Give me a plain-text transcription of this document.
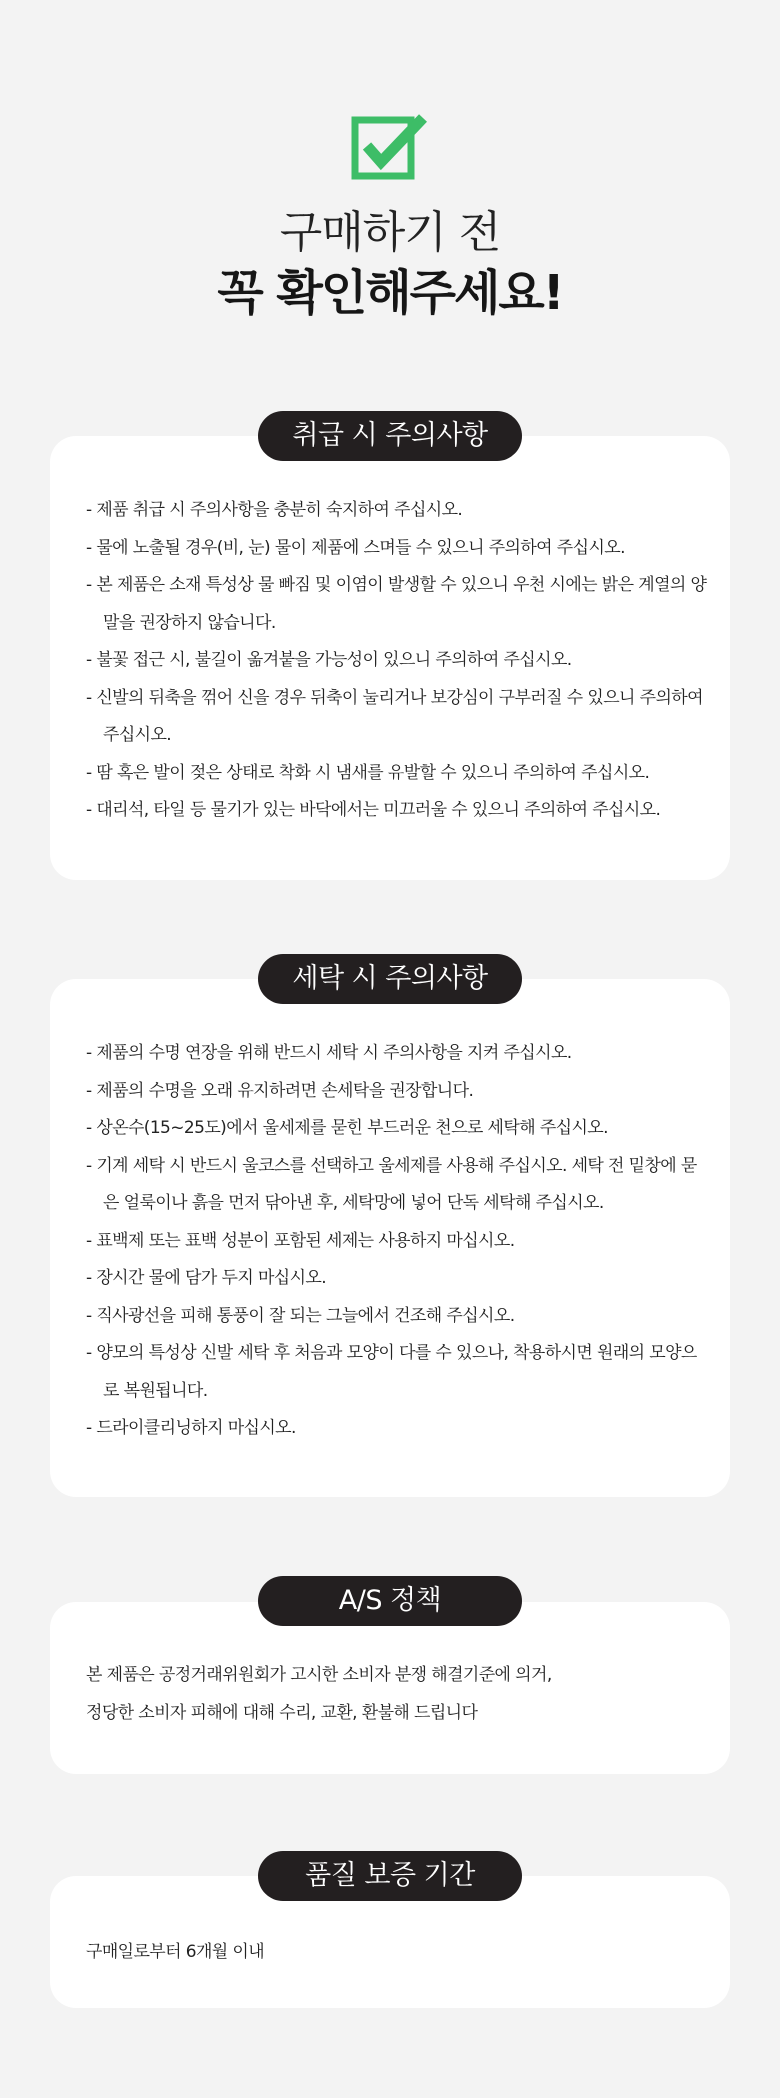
구매하기 전
꼭 확인해주세요!
- 제품 취급 시 주의사항을 충분히 숙지하여 주십시오.
- 물에 노출될 경우(비, 눈) 물이 제품에 스며들 수 있으니 주의하여 주십시오.
- 본 제품은 소재 특성상 물 빠짐 및 이염이 발생할 수 있으니 우천 시에는 밝은 계열의 양말을 권장하지 않습니다.
- 불꽃 접근 시, 불길이 옮겨붙을 가능성이 있으니 주의하여 주십시오.
- 신발의 뒤축을 꺾어 신을 경우 뒤축이 눌리거나 보강심이 구부러질 수 있으니 주의하여 주십시오.
- 땀 혹은 발이 젖은 상태로 착화 시 냄새를 유발할 수 있으니 주의하여 주십시오.
- 대리석, 타일 등 물기가 있는 바닥에서는 미끄러울 수 있으니 주의하여 주십시오.
취급 시 주의사항
- 제품의 수명 연장을 위해 반드시 세탁 시 주의사항을 지켜 주십시오.
- 제품의 수명을 오래 유지하려면 손세탁을 권장합니다.
- 상온수(15~25도)에서 울세제를 묻힌 부드러운 천으로 세탁해 주십시오.
- 기계 세탁 시 반드시 울코스를 선택하고 울세제를 사용해 주십시오. 세탁 전 밑창에 묻은 얼룩이나 흙을 먼저 닦아낸 후, 세탁망에 넣어 단독 세탁해 주십시오.
- 표백제 또는 표백 성분이 포함된 세제는 사용하지 마십시오.
- 장시간 물에 담가 두지 마십시오.
- 직사광선을 피해 통풍이 잘 되는 그늘에서 건조해 주십시오.
- 양모의 특성상 신발 세탁 후 처음과 모양이 다를 수 있으나, 착용하시면 원래의 모양으로 복원됩니다.
- 드라이클리닝하지 마십시오.
세탁 시 주의사항

본 제품은 공정거래위원회가 고시한 소비자 분쟁 해결기준에 의거,

정당한 소비자 피해에 대해 수리, 교환, 환불해 드립니다

A/S 정책

구매일로부터 6개월 이내

품질 보증 기간
